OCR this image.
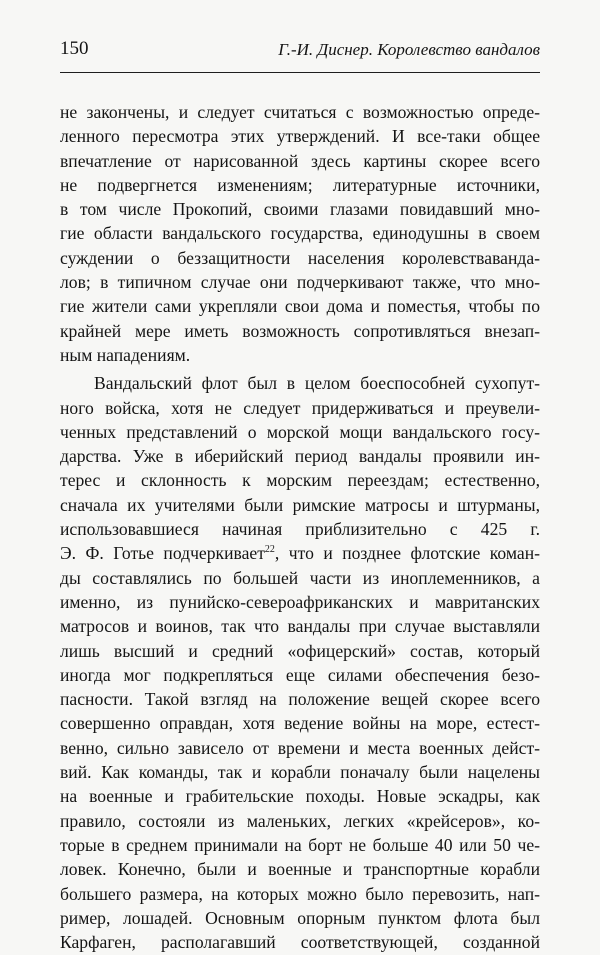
150	Г.-И. Диснер. Королевство вандалов
не закончены, и следует считаться с возможностью опреде-
ленного пересмотра этих утверждений. И все-таки общее
впечатление от нарисованной здесь картины скорее всего
не подвергнется изменениям; литературные источники,
в том числе Прокопий, своими глазами повидавший мно-
гие области вандальского государства, единодушны в своем
суждении о беззащитности населения королевстваванда-
лов; в типичном случае они подчеркивают также, что мно-
гие жители сами укрепляли свои дома и поместья, чтобы по
крайней мере иметь возможность сопротивляться внезап-
ным нападениям.
Вандальский флот был в целом боеспособней сухопут-
ного войска, хотя не следует придерживаться и преувели-
ченных представлений о морской мощи вандальского госу-
дарства. Уже в иберийский период вандалы проявили ин-
терес и склонность к морским переездам; естественно,
сначала их учителями были римские матросы и штурманы,
использовавшиеся начиная приблизительно с 425 г.
Э. Ф. Готье подчеркивает$^{22}$, что и позднее флотские коман-
ды составлялись по большей части из иноплеменников, а
именно, из пунийско-североафриканских и мавританских
матросов и воинов, так что вандалы при случае выставляли
лишь высший и средний «офицерский» состав, который
иногда мог подкрепляться еще силами обеспечения безо-
пасности. Такой взгляд на положение вещей скорее всего
совершенно оправдан, хотя ведение войны на море, естест-
венно, сильно зависело от времени и места военных дейст-
вий. Как команды, так и корабли поначалу были нацелены
на военные и грабительские походы. Новые эскадры, как
правило, состояли из маленьких, легких «крейсеров», ко-
торые в среднем принимали на борт не больше 40 или 50 че-
ловек. Конечно, были и военные и транспортные корабли
большего размера, на которых можно было перевозить, нап-
ример, лошадей. Основным опорным пунктом флота был
Карфаген, располагавший соответствующей, созданной
